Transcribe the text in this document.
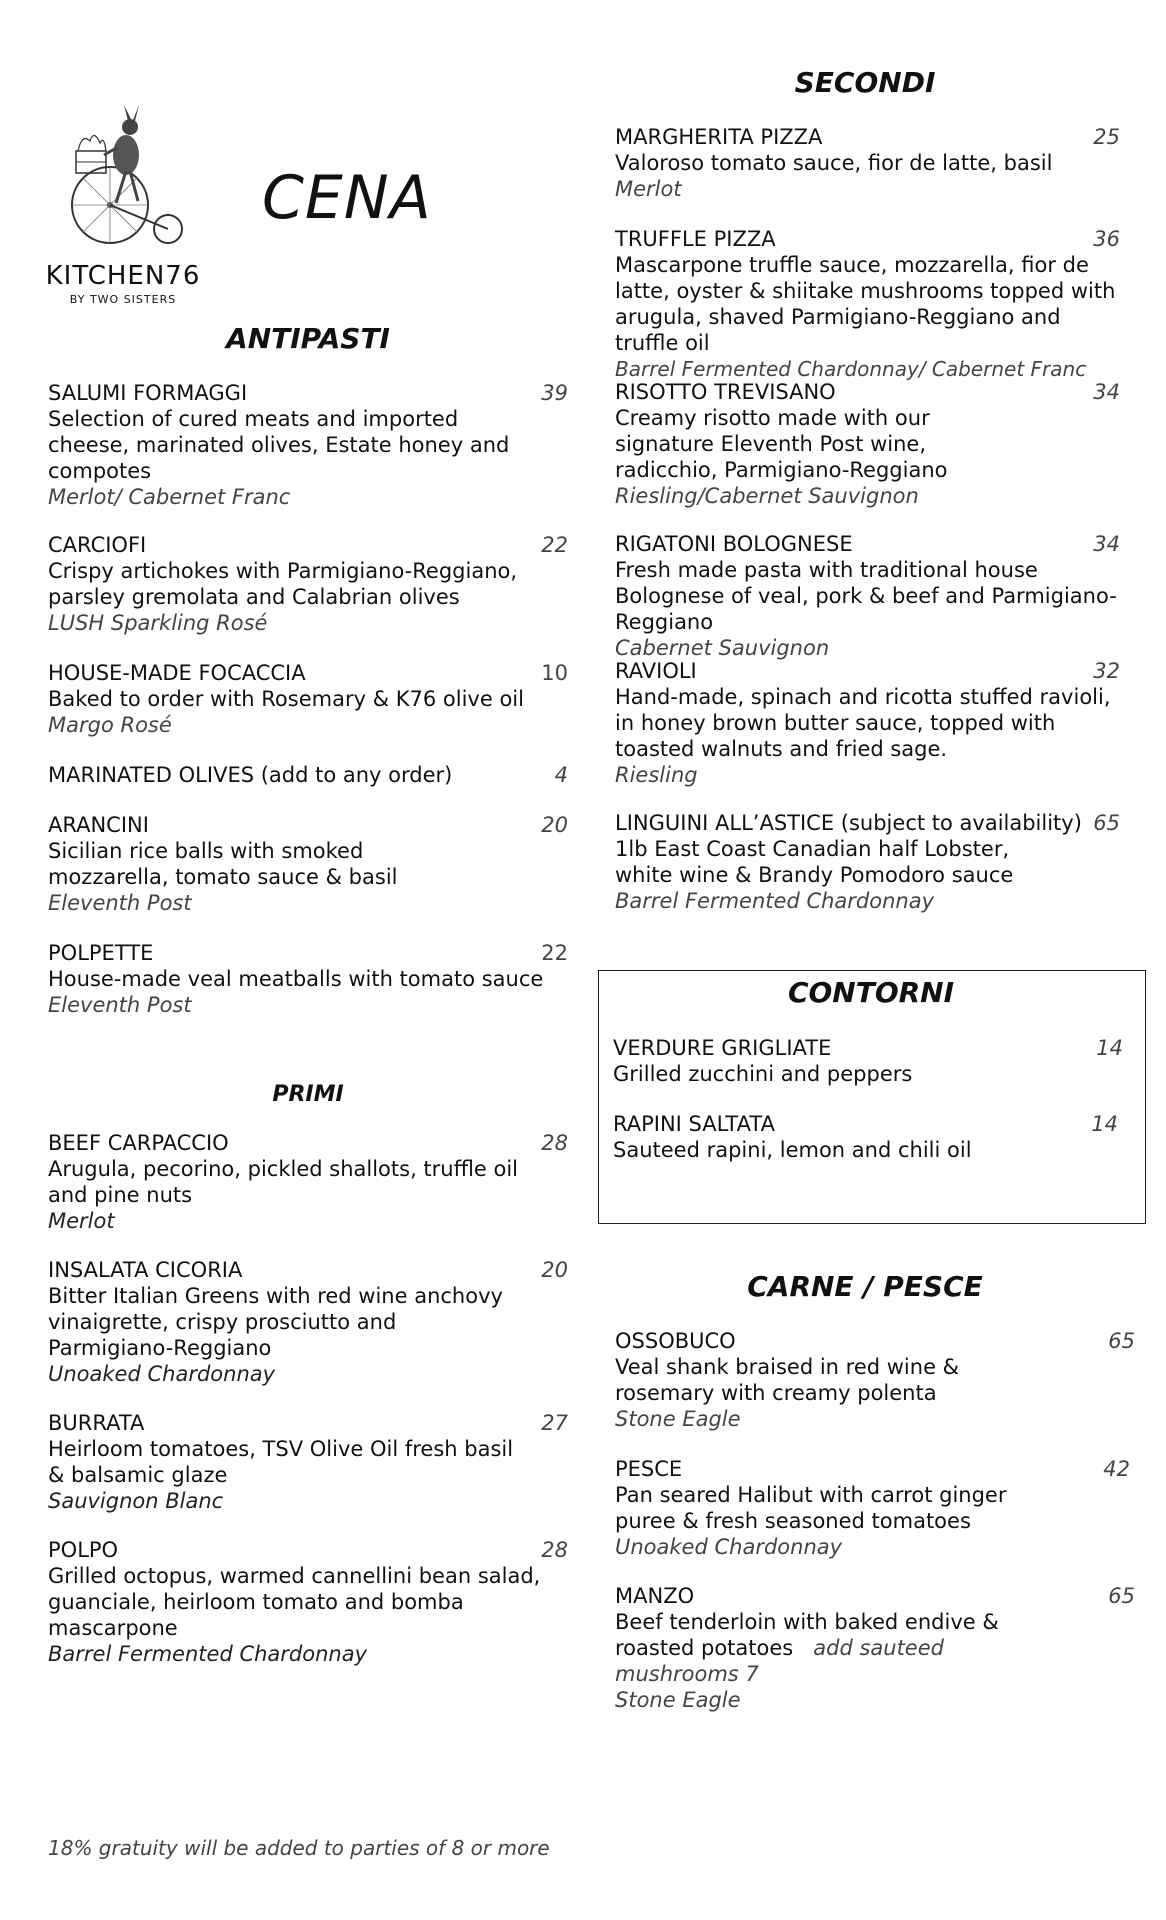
KITCHEN76
BY TWO SISTERS
CENA
ANTIPASTI
SALUMI FORMAGGI	39
Selection of cured meats and imported cheese, marinated olives, Estate honey and compotes
Merlot/ Cabernet Franc
CARCIOFI	22
Crispy artichokes with Parmigiano-Reggiano, parsley gremolata and Calabrian olives
LUSH Sparkling Rosé
HOUSE-MADE FOCACCIA	10
Baked to order with Rosemary & K76 olive oil
Margo Rosé
MARINATED OLIVES (add to any order)	4
ARANCINI	20
Sicilian rice balls with smoked mozzarella, tomato sauce & basil
Eleventh Post
POLPETTE	22
House-made veal meatballs with tomato sauce
Eleventh Post
PRIMI
BEEF CARPACCIO	28
Arugula, pecorino, pickled shallots, truffle oil and pine nuts
Merlot
INSALATA CICORIA	20
Bitter Italian Greens with red wine anchovy vinaigrette, crispy prosciutto and Parmigiano-Reggiano
Unoaked Chardonnay
BURRATA	27
Heirloom tomatoes, TSV Olive Oil fresh basil & balsamic glaze
Sauvignon Blanc
POLPO	28
Grilled octopus, warmed cannellini bean salad, guanciale, heirloom tomato and bomba mascarpone
Barrel Fermented Chardonnay
SECONDI
MARGHERITA PIZZA	25
Valoroso tomato sauce, fior de latte, basil
Merlot
TRUFFLE PIZZA	36
Mascarpone truffle sauce, mozzarella, fior de latte, oyster & shiitake mushrooms topped with arugula, shaved Parmigiano-Reggiano and truffle oil
Barrel Fermented Chardonnay/ Cabernet Franc
RISOTTO TREVISANO	34
Creamy risotto made with our signature Eleventh Post wine, radicchio, Parmigiano-Reggiano
Riesling/Cabernet Sauvignon
RIGATONI BOLOGNESE	34
Fresh made pasta with traditional house Bolognese of veal, pork & beef and Parmigiano-Reggiano
Cabernet Sauvignon
RAVIOLI	32
Hand-made, spinach and ricotta stuffed ravioli, in honey brown butter sauce, topped with toasted walnuts and fried sage.
Riesling
LINGUINI ALL’ASTICE (subject to availability) 65
1lb East Coast Canadian half Lobster, white wine & Brandy Pomodoro sauce
Barrel Fermented Chardonnay
CONTORNI
VERDURE GRIGLIATE	14
Grilled zucchini and peppers
RAPINI SALTATA	14
Sauteed rapini, lemon and chili oil
CARNE / PESCE
OSSOBUCO	65
Veal shank braised in red wine & rosemary with creamy polenta
Stone Eagle
PESCE	42
Pan seared Halibut with carrot ginger puree & fresh seasoned tomatoes
Unoaked Chardonnay
MANZO	65
Beef tenderloin with baked endive & roasted potatoes add sauteed mushrooms 7
Stone Eagle
18% gratuity will be added to parties of 8 or more
